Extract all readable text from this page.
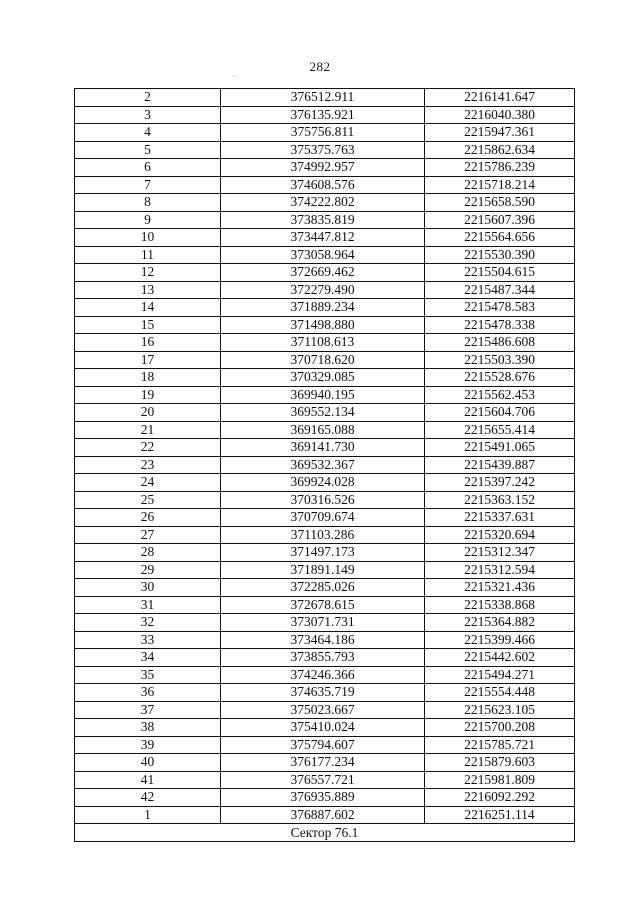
282
2	376512.911	2216141.647
3	376135.921	2216040.380
4	375756.811	2215947.361
5	375375.763	2215862.634
6	374992.957	2215786.239
7	374608.576	2215718.214
8	374222.802	2215658.590
9	373835.819	2215607.396
10	373447.812	2215564.656
11	373058.964	2215530.390
12	372669.462	2215504.615
13	372279.490	2215487.344
14	371889.234	2215478.583
15	371498.880	2215478.338
16	371108.613	2215486.608
17	370718.620	2215503.390
18	370329.085	2215528.676
19	369940.195	2215562.453
20	369552.134	2215604.706
21	369165.088	2215655.414
22	369141.730	2215491.065
23	369532.367	2215439.887
24	369924.028	2215397.242
25	370316.526	2215363.152
26	370709.674	2215337.631
27	371103.286	2215320.694
28	371497.173	2215312.347
29	371891.149	2215312.594
30	372285.026	2215321.436
31	372678.615	2215338.868
32	373071.731	2215364.882
33	373464.186	2215399.466
34	373855.793	2215442.602
35	374246.366	2215494.271
36	374635.719	2215554.448
37	375023.667	2215623.105
38	375410.024	2215700.208
39	375794.607	2215785.721
40	376177.234	2215879.603
41	376557.721	2215981.809
42	376935.889	2216092.292
1	376887.602	2216251.114
Сектор 76.1		
